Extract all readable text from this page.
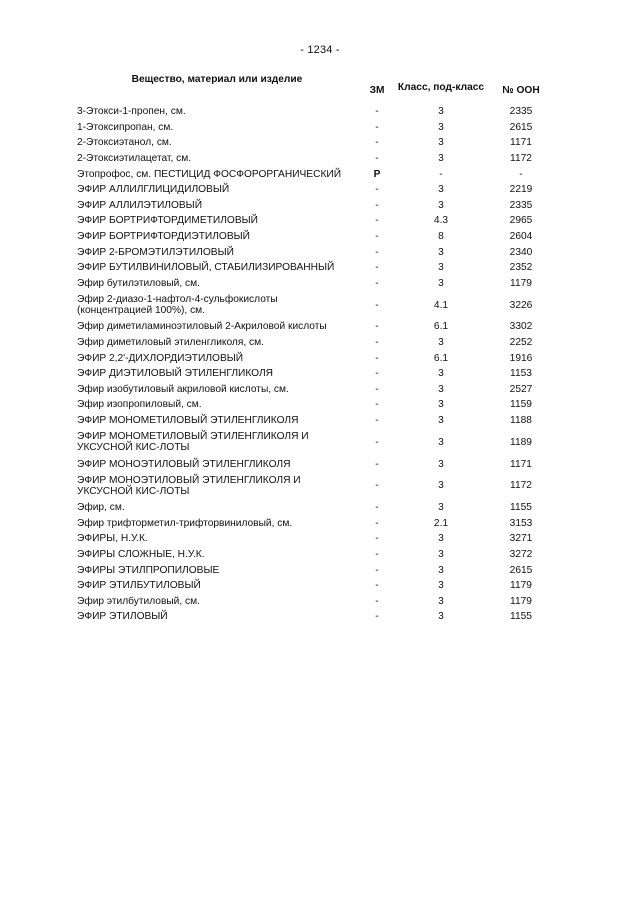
- 1234 -
Вещество, материал или изделие	ЗМ	Класс, под-класс	№ ООН
3-Этокси-1-пропен, см.	-	3	2335
1-Этоксипропан, см.	-	3	2615
2-Этоксиэтанол, см.	-	3	1171
2-Этоксиэтилацетат, см.	-	3	1172
Этопрофос, см. ПЕСТИЦИД ФОСФОРОРГАНИЧЕСКИЙ	P	-	-
ЭФИР АЛЛИЛГЛИЦИДИЛОВЫЙ	-	3	2219
ЭФИР АЛЛИЛЭТИЛОВЫЙ	-	3	2335
ЭФИР БОРТРИФТОРДИМЕТИЛОВЫЙ	-	4.3	2965
ЭФИР БОРТРИФТОРДИЭТИЛОВЫЙ	-	8	2604
ЭФИР 2-БРОМЭТИЛЭТИЛОВЫЙ	-	3	2340
ЭФИР БУТИЛВИНИЛОВЫЙ, СТАБИЛИЗИРОВАННЫЙ	-	3	2352
Эфир бутилэтиловый, см.	-	3	1179
Эфир 2-диазо-1-нафтол-4-сульфокислоты (концентрацией 100%), см.	-	4.1	3226
Эфир диметиламиноэтиловый 2-Акриловой кислоты	-	6.1	3302
Эфир диметиловый этиленгликоля, см.	-	3	2252
ЭФИР 2,2'-ДИХЛОРДИЭТИЛОВЫЙ	-	6.1	1916
ЭФИР ДИЭТИЛОВЫЙ ЭТИЛЕНГЛИКОЛЯ	-	3	1153
Эфир изобутиловый акриловой кислоты, см.	-	3	2527
Эфир изопропиловый, см.	-	3	1159
ЭФИР МОНОМЕТИЛОВЫЙ ЭТИЛЕНГЛИКОЛЯ	-	3	1188
ЭФИР МОНОМЕТИЛОВЫЙ ЭТИЛЕНГЛИКОЛЯ И УКСУСНОЙ КИС-ЛОТЫ	-	3	1189
ЭФИР МОНОЭТИЛОВЫЙ ЭТИЛЕНГЛИКОЛЯ	-	3	1171
ЭФИР МОНОЭТИЛОВЫЙ ЭТИЛЕНГЛИКОЛЯ И УКСУСНОЙ КИС-ЛОТЫ	-	3	1172
Эфир, см.	-	3	1155
Эфир трифторметил-трифторвиниловый, см.	-	2.1	3153
ЭФИРЫ, Н.У.К.	-	3	3271
ЭФИРЫ СЛОЖНЫЕ, Н.У.К.	-	3	3272
ЭФИРЫ ЭТИЛПРОПИЛОВЫЕ	-	3	2615
ЭФИР ЭТИЛБУТИЛОВЫЙ	-	3	1179
Эфир этилбутиловый, см.	-	3	1179
ЭФИР ЭТИЛОВЫЙ	-	3	1155
